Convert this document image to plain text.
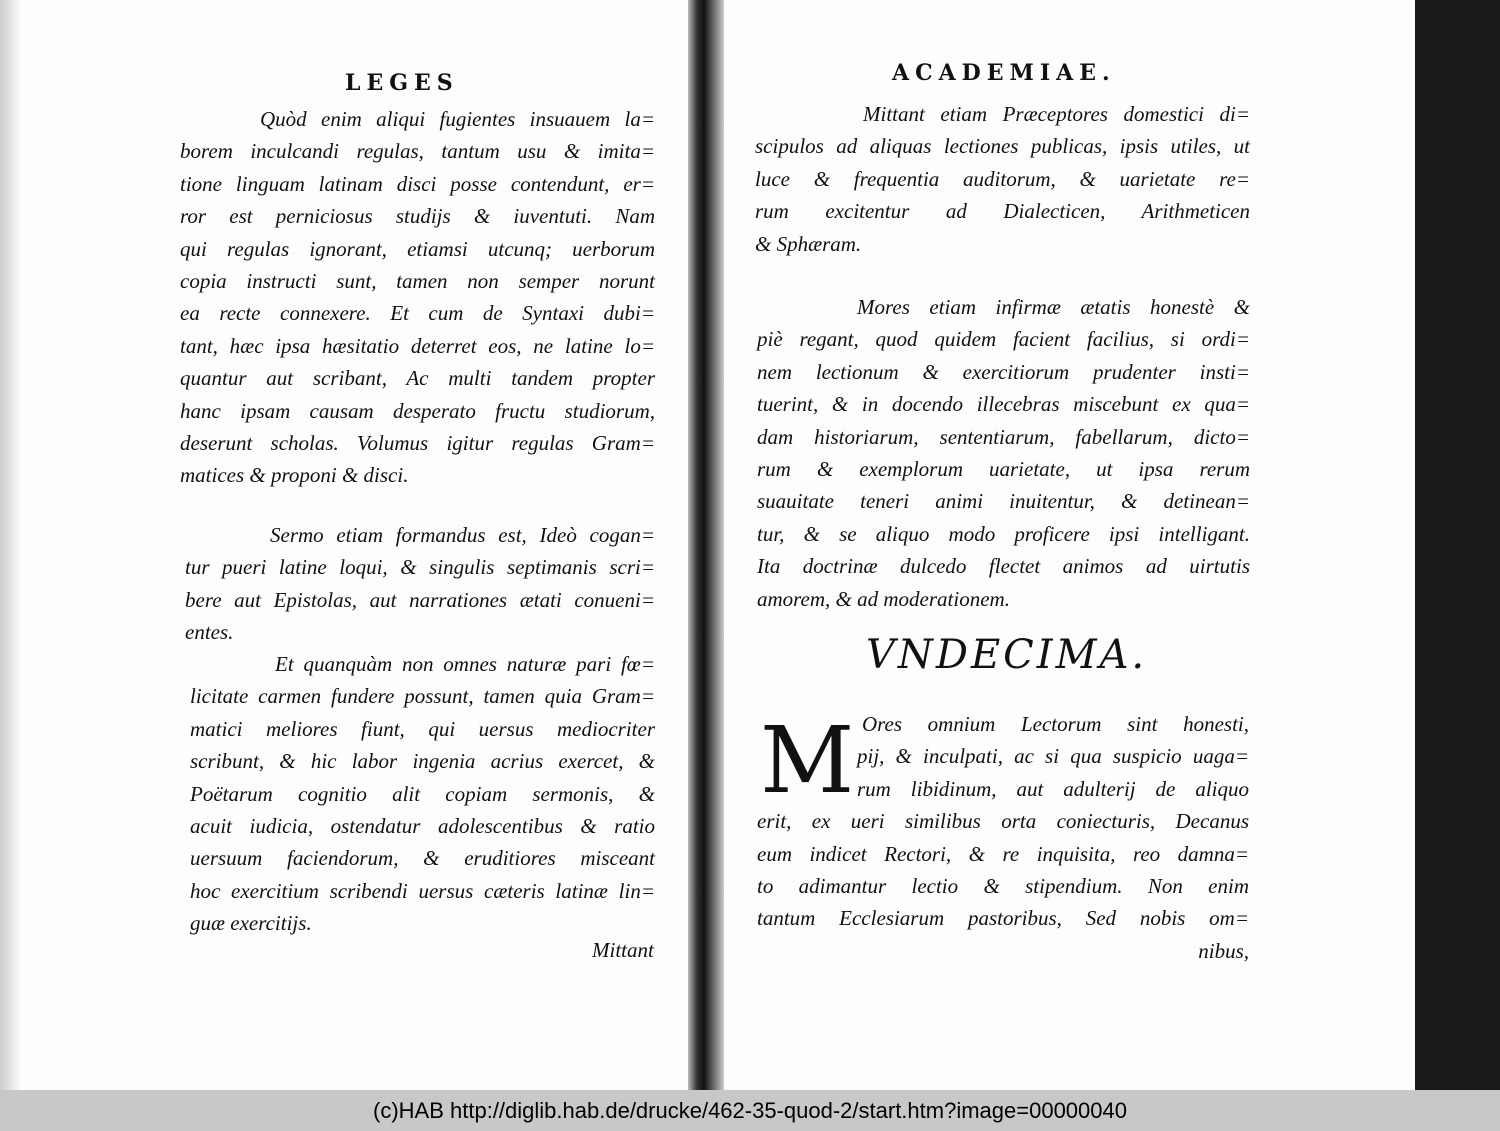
LEGES	ACADEMIAE.
Quòd enim aliqui fugientes insuauem la=
borem inculcandi regulas, tantum usu & imita=
tione linguam latinam disci posse contendunt, er=
ror est perniciosus studijs & iuventuti. Nam
qui regulas ignorant, etiamsi utcunq; uerborum
copia instructi sunt, tamen non semper norunt
ea recte connexere. Et cum de Syntaxi dubi=
tant, hæc ipsa hæsitatio deterret eos, ne latine lo=
quantur aut scribant, Ac multi tandem propter
hanc ipsam causam desperato fructu studiorum,
deserunt scholas. Volumus igitur regulas Gram=
matices & proponi & disci.
Sermo etiam formandus est, Ideò cogan=
tur pueri latine loqui, & singulis septimanis scri=
bere aut Epistolas, aut narrationes ætati conueni=
entes.
Et quanquàm non omnes naturæ pari fœ=
licitate carmen fundere possunt, tamen quia Gram=
matici meliores fiunt, qui uersus mediocriter
scribunt, & hic labor ingenia acrius exercet, &
Poëtarum cognitio alit copiam sermonis, &
acuit iudicia, ostendatur adolescentibus & ratio
uersuum faciendorum, & eruditiores misceant
hoc exercitium scribendi uersus cæteris latinæ lin=
guæ exercitijs.
Mittant
Mittant etiam Præceptores domestici di=
scipulos ad aliquas lectiones publicas, ipsis utiles, ut
luce & frequentia auditorum, & uarietate re=
rum excitentur ad Dialecticen, Arithmeticen
& Sphæram.
Mores etiam infirmæ ætatis honestè &
piè regant, quod quidem facient facilius, si ordi=
nem lectionum & exercitiorum prudenter insti=
tuerint, & in docendo illecebras miscebunt ex qua=
dam historiarum, sententiarum, fabellarum, dicto=
rum & exemplorum uarietate, ut ipsa rerum
suauitate teneri animi inuitentur, & detinean=
tur, & se aliquo modo proficere ipsi intelligant.
Ita doctrinæ dulcedo flectet animos ad uirtutis
amorem, & ad moderationem.
VNDECIMA.
M Ores omnium Lectorum sint honesti,
pij, & inculpati, ac si qua suspicio uaga=
rum libidinum, aut adulterij de aliquo
erit, ex ueri similibus orta coniecturis, Decanus
eum indicet Rectori, & re inquisita, reo damna=
to adimantur lectio & stipendium. Non enim
tantum Ecclesiarum pastoribus, Sed nobis om=
nibus,
(c)HAB http://diglib.hab.de/drucke/462-35-quod-2/start.htm?image=00000040
